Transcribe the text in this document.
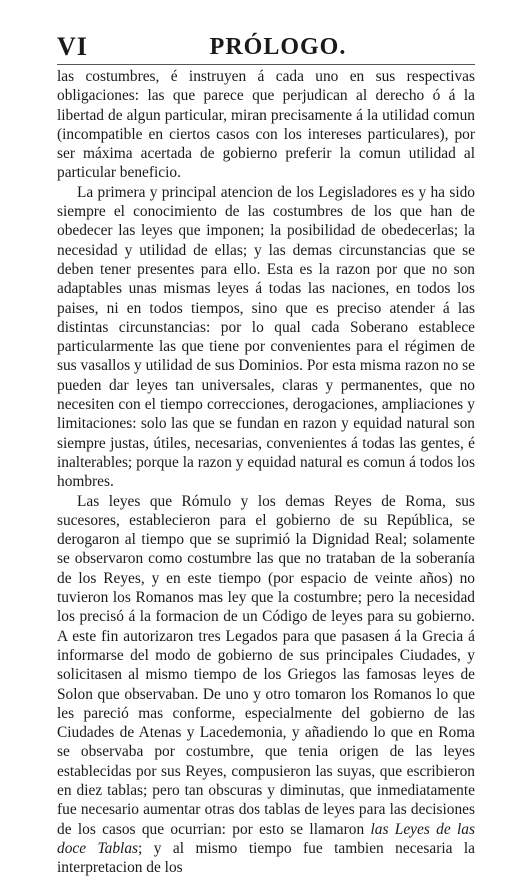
VI	PRÓLOGO.

las costumbres, é instruyen á cada uno en sus respectivas obligaciones: las que parece que perjudican al derecho ó á la libertad de algun particular, miran precisamente á la utilidad comun (incompatible en ciertos casos con los intereses particulares), por ser máxima acertada de gobierno preferir la comun utilidad al particular beneficio.

La primera y principal atencion de los Legisladores es y ha sido siempre el conocimiento de las costumbres de los que han de obedecer las leyes que imponen; la posibilidad de obedecerlas; la necesidad y utilidad de ellas; y las demas circunstancias que se deben tener presentes para ello. Esta es la razon por que no son adaptables unas mismas leyes á todas las naciones, en todos los paises, ni en todos tiempos, sino que es preciso atender á las distintas circunstancias: por lo qual cada Soberano establece particularmente las que tiene por convenientes para el régimen de sus vasallos y utilidad de sus Dominios. Por esta misma razon no se pueden dar leyes tan universales, claras y permanentes, que no necesiten con el tiempo correcciones, derogaciones, ampliaciones y limitaciones: solo las que se fundan en razon y equidad natural son siempre justas, útiles, necesarias, convenientes á todas las gentes, é inalterables; porque la razon y equidad natural es comun á todos los hombres.

Las leyes que Rómulo y los demas Reyes de Roma, sus sucesores, establecieron para el gobierno de su República, se derogaron al tiempo que se suprimió la Dignidad Real; solamente se observaron como costumbre las que no trataban de la soberanía de los Reyes, y en este tiempo (por espacio de veinte años) no tuvieron los Romanos mas ley que la costumbre; pero la necesidad los precisó á la formacion de un Código de leyes para su gobierno. A este fin autorizaron tres Legados para que pasasen á la Grecia á informarse del modo de gobierno de sus principales Ciudades, y solicitasen al mismo tiempo de los Griegos las famosas leyes de Solon que observaban. De uno y otro tomaron los Romanos lo que les pareció mas conforme, especialmente del gobierno de las Ciudades de Atenas y Lacedemonia, y añadiendo lo que en Roma se observaba por costumbre, que tenia origen de las leyes establecidas por sus Reyes, compusieron las suyas, que escribieron en diez tablas; pero tan obscuras y diminutas, que inmediatamente fue necesario aumentar otras dos tablas de leyes para las decisiones de los casos que ocurrian: por esto se llamaron las Leyes de las doce Tablas; y al mismo tiempo fue tambien necesaria la interpretacion de los
